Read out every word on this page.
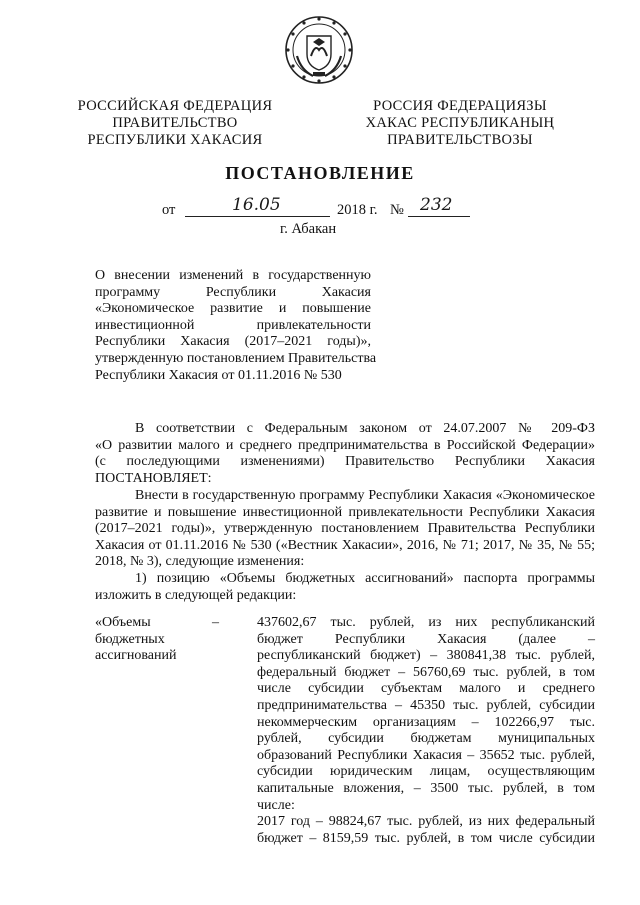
РОССИЙСКАЯ ФЕДЕРАЦИЯ
ПРАВИТЕЛЬСТВО
РЕСПУБЛИКИ ХАКАСИЯ
РОССИЯ ФЕДЕРАЦИЯЗЫ
ХАКАС РЕСПУБЛИКАНЫҢ
ПРАВИТЕЛЬСТВОЗЫ
ПОСТАНОВЛЕНИЕ
от	16.05	2018 г. № 232
г. Абакан
О внесении изменений в государственную
программу Республики Хакасия
«Экономическое развитие и повышение
инвестиционной привлекательности
Республики Хакасия (2017–2021 годы)»,
утвержденную постановлением Правительства
Республики Хакасия от 01.11.2016 № 530
В соответствии с Федеральным законом от 24.07.2007 № 209-ФЗ
«О развитии малого и среднего предпринимательства в Российской Федерации»
(с последующими изменениями) Правительство Республики Хакасия
ПОСТАНОВЛЯЕТ:
Внести в государственную программу Республики Хакасия «Экономическое
развитие и повышение инвестиционной привлекательности Республики Хакасия
(2017–2021 годы)», утвержденную постановлением Правительства Республики
Хакасия от 01.11.2016 № 530 («Вестник Хакасии», 2016, № 71; 2017, № 35, № 55;
2018, № 3), следующие изменения:
1) позицию «Объемы бюджетных ассигнований» паспорта программы
изложить в следующей редакции:
«Объемы
бюджетных
ассигнований
–	437602,67 тыс. рублей, из них республиканский
бюджет Республики Хакасия (далее –
республиканский бюджет) – 380841,38 тыс. рублей,
федеральный бюджет – 56760,69 тыс. рублей, в том
числе субсидии субъектам малого и среднего
предпринимательства – 45350 тыс. рублей, субсидии
некоммерческим организациям – 102266,97 тыс.
рублей, субсидии бюджетам муниципальных
образований Республики Хакасия – 35652 тыс. рублей,
субсидии юридическим лицам, осуществляющим
капитальные вложения, – 3500 тыс. рублей, в том
числе:
2017 год – 98824,67 тыс. рублей, из них федеральный
бюджет – 8159,59 тыс. рублей, в том числе субсидии
